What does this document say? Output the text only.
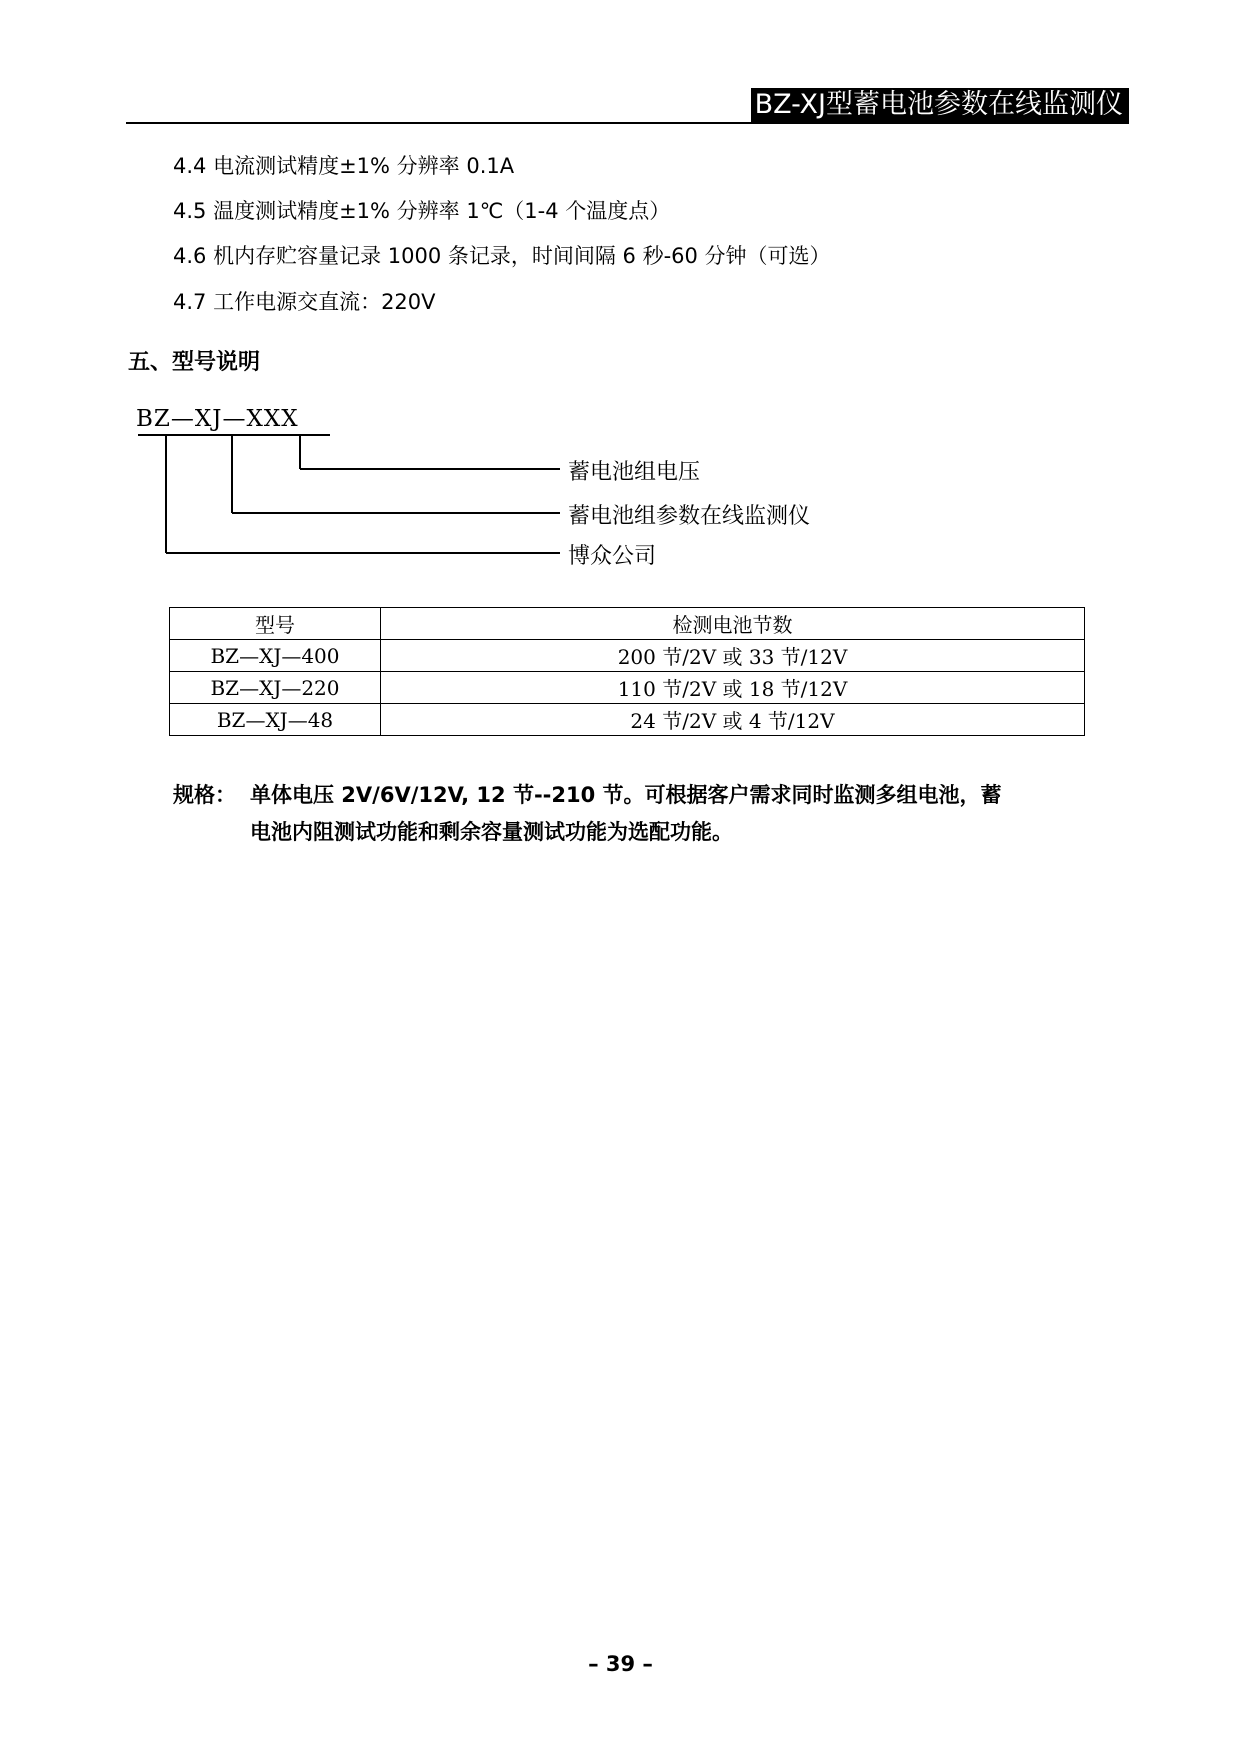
BZ-XJ型蓄电池参数在线监测仪
4.4 电流测试精度±1% 分辨率 0.1A
4.5 温度测试精度±1% 分辨率 1℃（1-4 个温度点）
4.6 机内存贮容量记录 1000 条记录，时间间隔 6 秒-60 分钟（可选）
4.7 工作电源交直流：220V
五、型号说明
BZ—XJ—XXX
蓄电池组电压
蓄电池组参数在线监测仪
博众公司
型号	检测电池节数
BZ—XJ—400	200 节/2V 或 33 节/12V
BZ—XJ—220	110 节/2V 或 18 节/12V
BZ—XJ—48	24 节/2V 或 4 节/12V
规格： 单体电压 2V/6V/12V, 12 节--210 节。可根据客户需求同时监测多组电池，蓄
电池内阻测试功能和剩余容量测试功能为选配功能。
– 39 –
